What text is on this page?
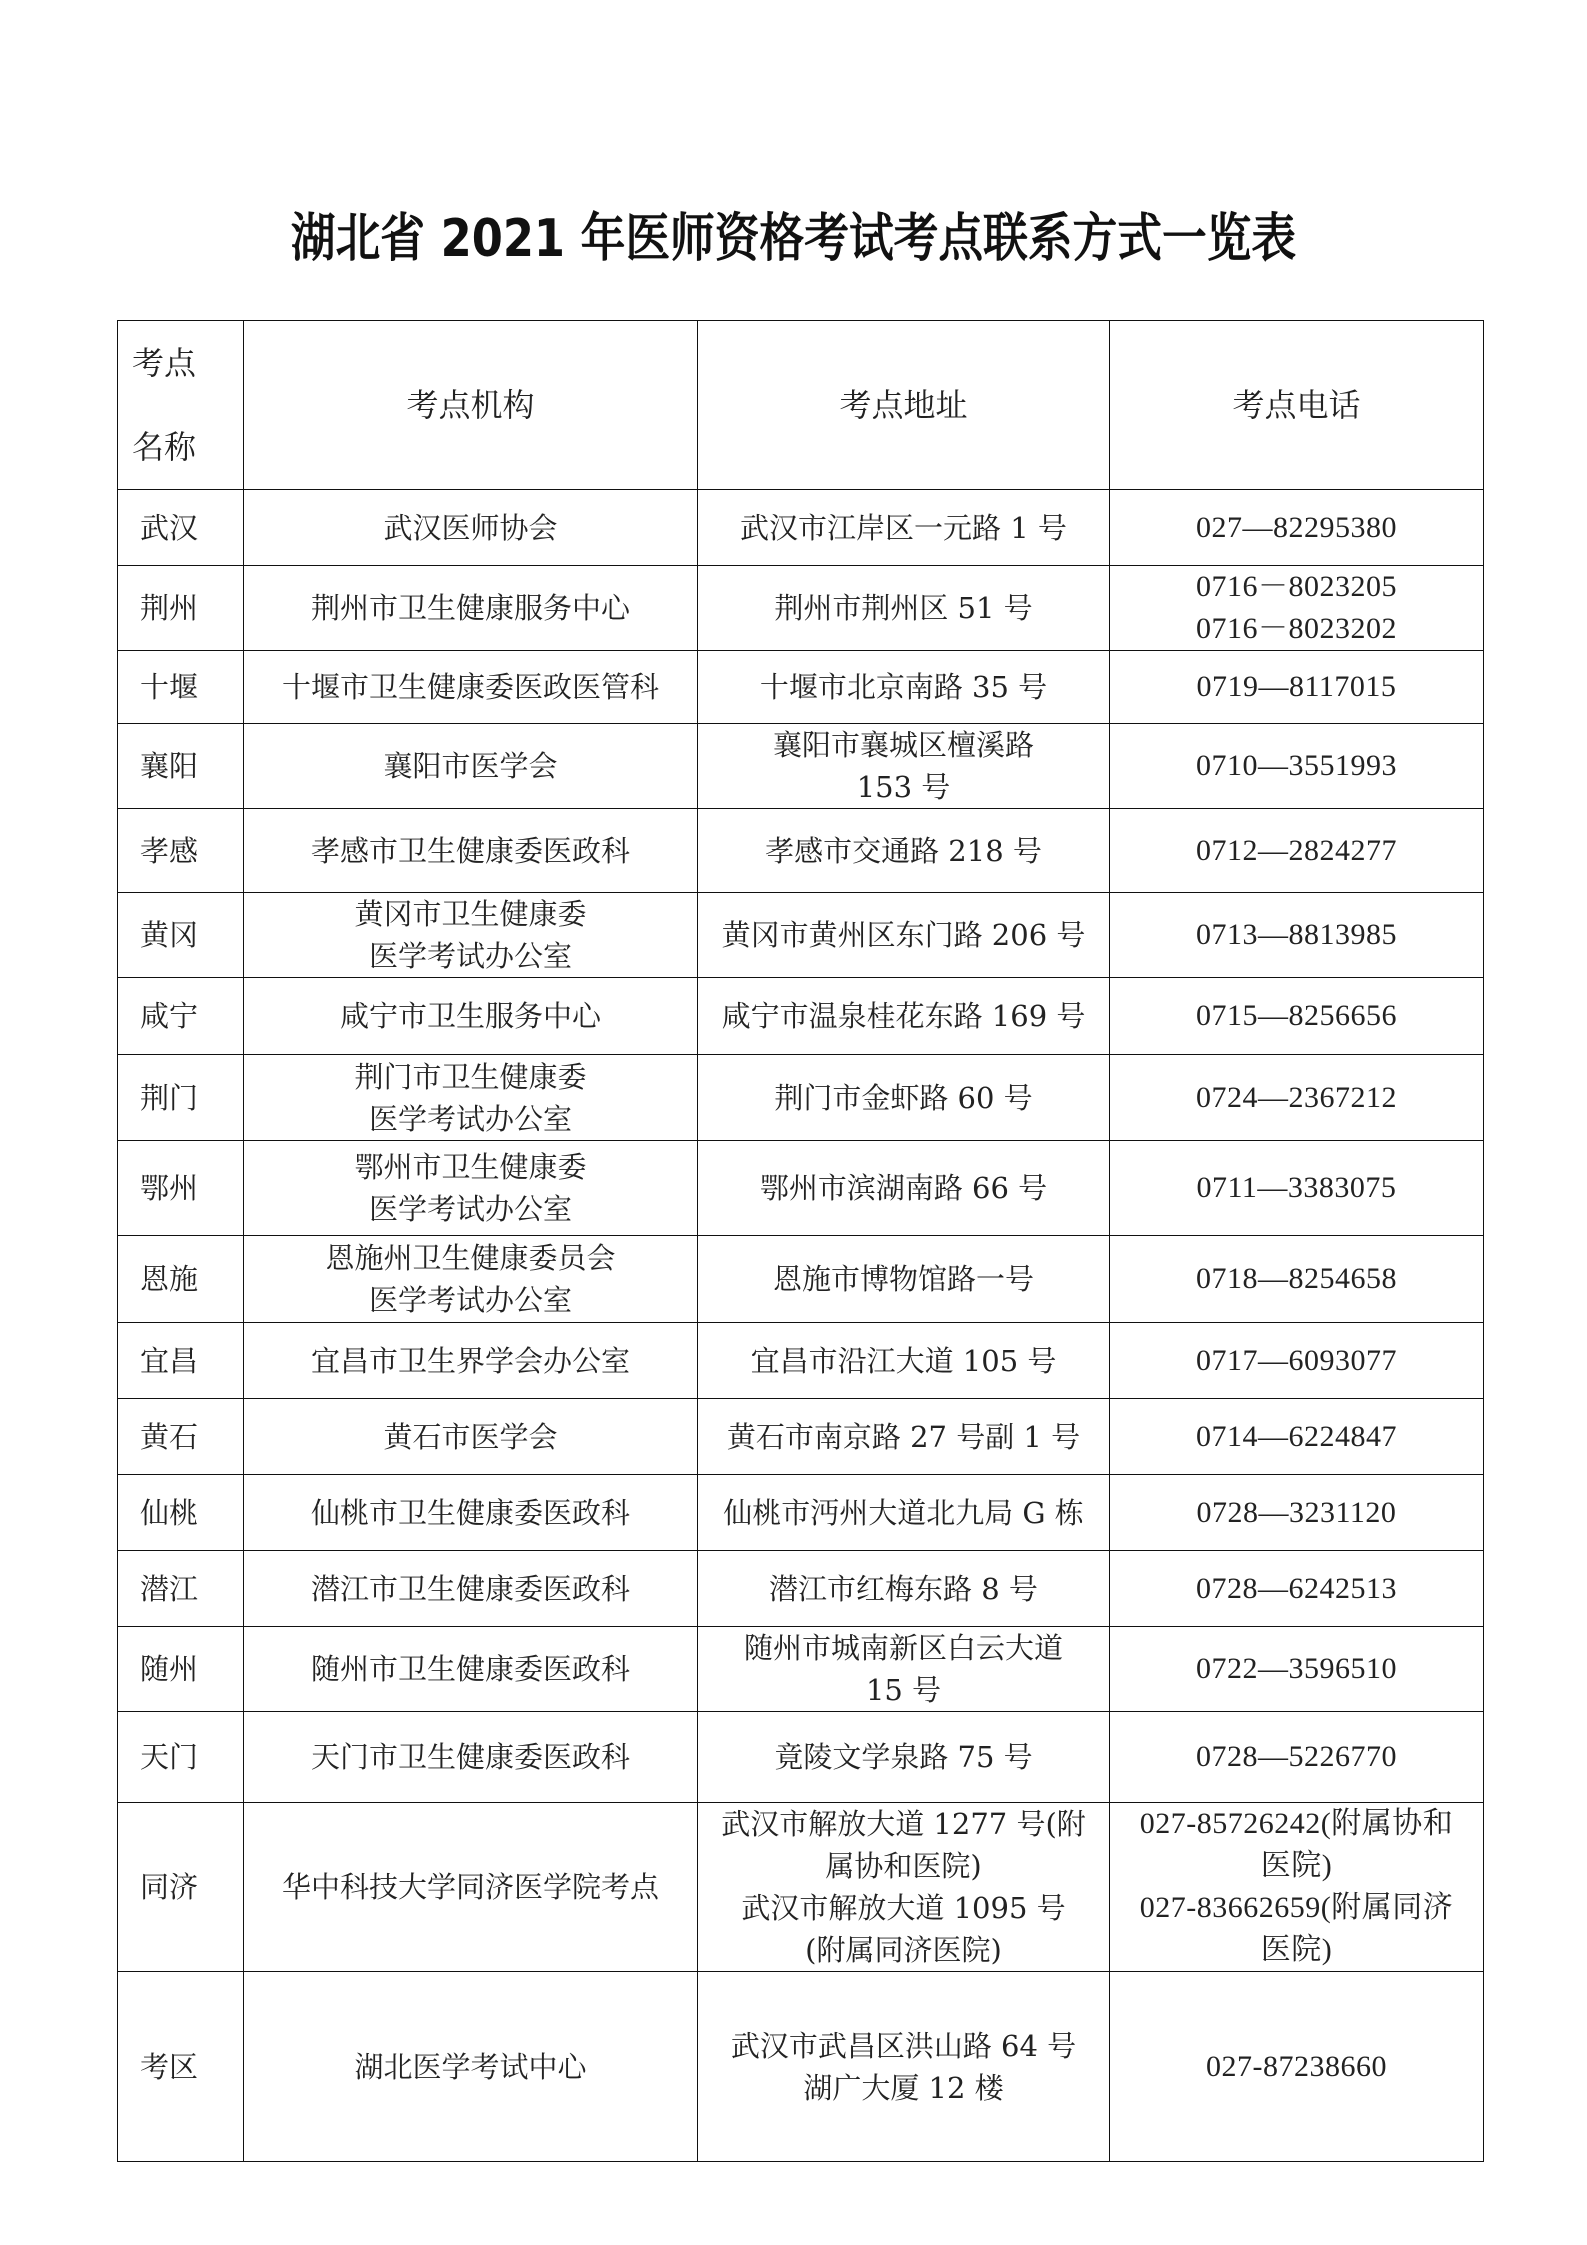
湖北省 2021 年医师资格考试考点联系方式一览表
考点
名称	考点机构	考点地址	考点电话

武汉	武汉医师协会	武汉市江岸区一元路 1 号	027—82295380

荆州	荆州市卫生健康服务中心	荆州市荆州区 51 号	0716－8023205
0716－8023202

十堰	十堰市卫生健康委医政医管科	十堰市北京南路 35 号	0719—8117015

襄阳	襄阳市医学会	襄阳市襄城区檀溪路
153 号	0710—3551993

孝感	孝感市卫生健康委医政科	孝感市交通路 218 号	0712—2824277

黄冈	黄冈市卫生健康委
医学考试办公室	黄冈市黄州区东门路 206 号	0713—8813985

咸宁	咸宁市卫生服务中心	咸宁市温泉桂花东路 169 号	0715—8256656

荆门	荆门市卫生健康委
医学考试办公室	荆门市金虾路 60 号	0724—2367212

鄂州	鄂州市卫生健康委
医学考试办公室	鄂州市滨湖南路 66 号	0711—3383075

恩施	恩施州卫生健康委员会
医学考试办公室	恩施市博物馆路一号	0718—8254658

宜昌	宜昌市卫生界学会办公室	宜昌市沿江大道 105 号	0717—6093077

黄石	黄石市医学会	黄石市南京路 27 号副 1 号	0714—6224847

仙桃	仙桃市卫生健康委医政科	仙桃市沔州大道北九局 G 栋	0728—3231120

潜江	潜江市卫生健康委医政科	潜江市红梅东路 8 号	0728—6242513

随州	随州市卫生健康委医政科	随州市城南新区白云大道
15 号	0722—3596510

天门	天门市卫生健康委医政科	竟陵文学泉路 75 号	0728—5226770

同济	华中科技大学同济医学院考点	武汉市解放大道 1277 号(附
属协和医院)
武汉市解放大道 1095 号
(附属同济医院)	027-85726242(附属协和
医院)
027-83662659(附属同济
医院)

考区	湖北医学考试中心	武汉市武昌区洪山路 64 号
湖广大厦 12 楼	027-87238660
